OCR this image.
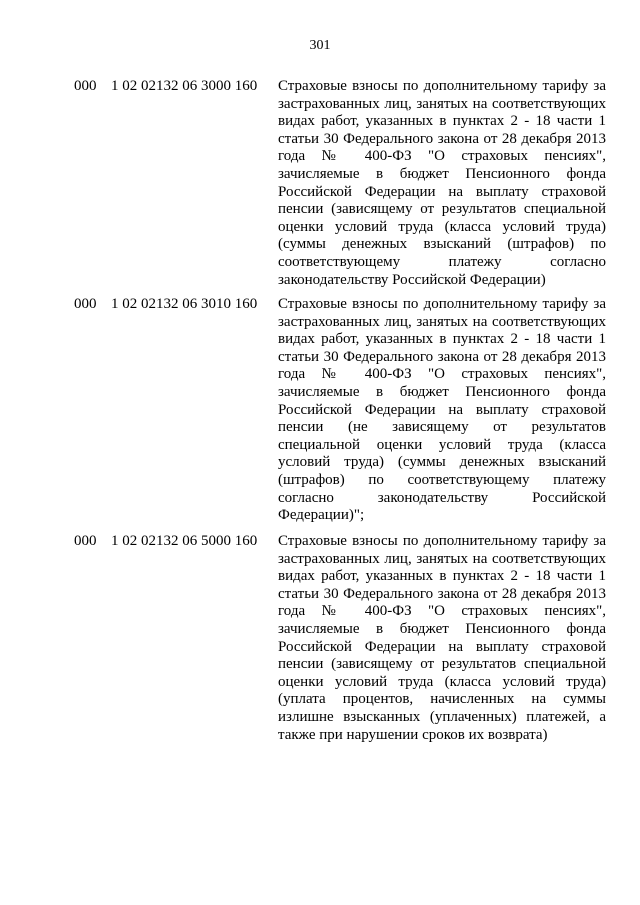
301
000 1 02 02132 06 3000 160 Страховые взносы по дополнительному тарифу за
застрахованных лиц, занятых на соответствующих
видах работ, указанных в пунктах 2 - 18 части 1
статьи 30 Федерального закона от 28 декабря 2013
года № 400-ФЗ "О страховых пенсиях",
зачисляемые в бюджет Пенсионного фонда
Российской Федерации на выплату страховой
пенсии (зависящему от результатов специальной
оценки условий труда (класса условий труда)
(суммы денежных взысканий (штрафов) по
соответствующему платежу согласно
законодательству Российской Федерации)
000 1 02 02132 06 3010 160 Страховые взносы по дополнительному тарифу за
застрахованных лиц, занятых на соответствующих
видах работ, указанных в пунктах 2 - 18 части 1
статьи 30 Федерального закона от 28 декабря 2013
года № 400-ФЗ "О страховых пенсиях",
зачисляемые в бюджет Пенсионного фонда
Российской Федерации на выплату страховой
пенсии (не зависящему от результатов
специальной оценки условий труда (класса
условий труда) (суммы денежных взысканий
(штрафов) по соответствующему платежу
согласно законодательству Российской
Федерации)";
000 1 02 02132 06 5000 160 Страховые взносы по дополнительному тарифу за
застрахованных лиц, занятых на соответствующих
видах работ, указанных в пунктах 2 - 18 части 1
статьи 30 Федерального закона от 28 декабря 2013
года № 400-ФЗ "О страховых пенсиях",
зачисляемые в бюджет Пенсионного фонда
Российской Федерации на выплату страховой
пенсии (зависящему от результатов специальной
оценки условий труда (класса условий труда)
(уплата процентов, начисленных на суммы
излишне взысканных (уплаченных) платежей, а
также при нарушении сроков их возврата)
